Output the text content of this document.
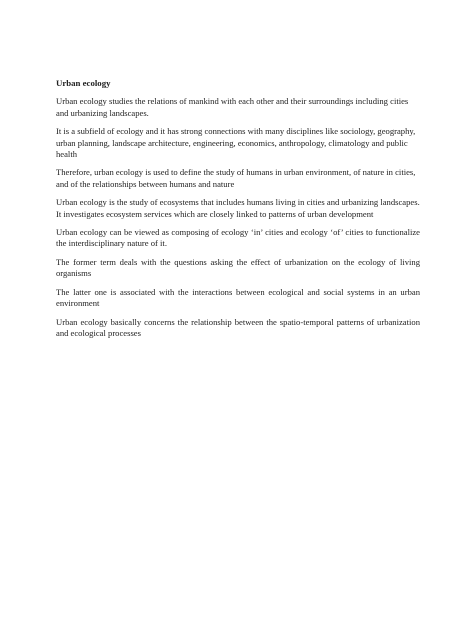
Urban ecology

Urban ecology studies the relations of mankind with each other and their surroundings including cities and urbanizing landscapes.

It is a subfield of ecology and it has strong connections with many disciplines like sociology, geography, urban planning, landscape architecture, engineering, economics, anthropology, climatology and public health

Therefore, urban ecology is used to define the study of humans in urban environment, of nature in cities, and of the relationships between humans and nature

Urban ecology is the study of ecosystems that includes humans living in cities and urbanizing landscapes. It investigates ecosystem services which are closely linked to patterns of urban development

Urban ecology can be viewed as composing of ecology ‘in’ cities and ecology ‘of’ cities to functionalize the interdisciplinary nature of it.

The former term deals with the questions asking the effect of urbanization on the ecology of living organisms

The latter one is associated with the interactions between ecological and social systems in an urban environment

Urban ecology basically concerns the relationship between the spatio-temporal patterns of urbanization and ecological processes
